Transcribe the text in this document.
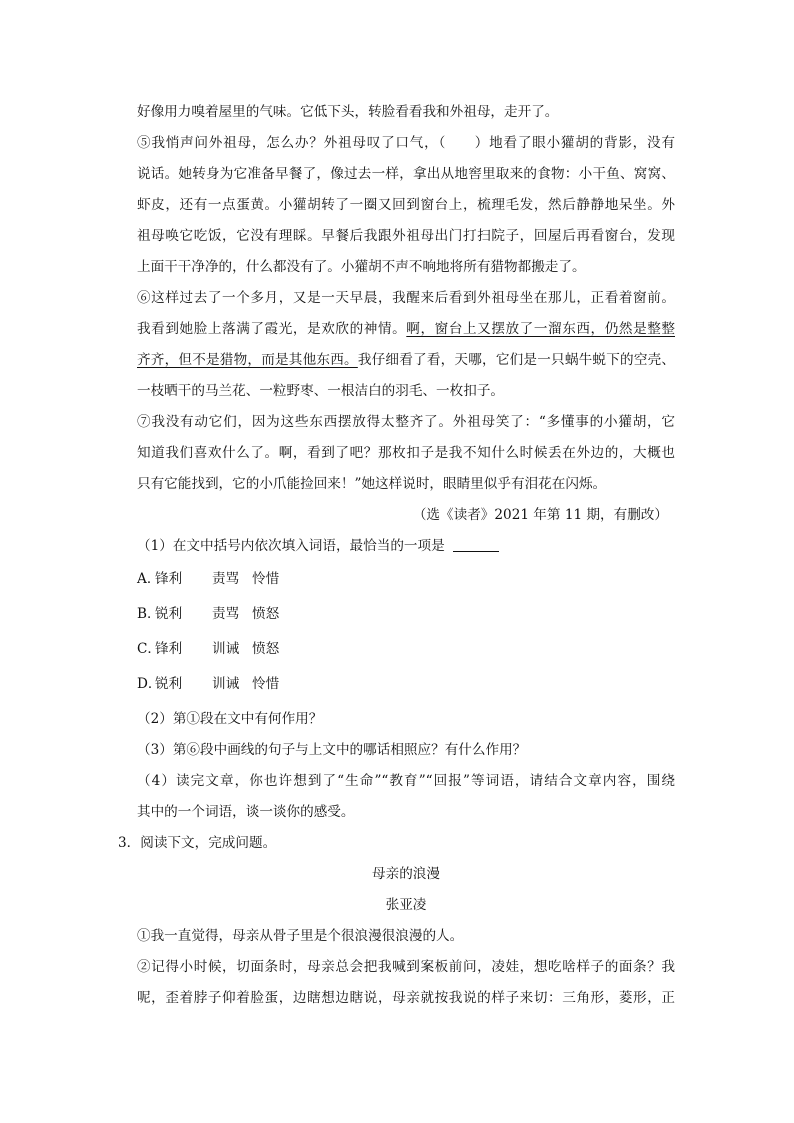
好像用力嗅着屋里的气味。它低下头，转脸看看我和外祖母，走开了。
⑤我悄声问外祖母，怎么办？外祖母叹了口气，（　　）地看了眼小獾胡的背影，没有
说话。她转身为它准备早餐了，像过去一样，拿出从地窖里取来的食物：小干鱼、窝窝、
虾皮，还有一点蛋黄。小獾胡转了一圈又回到窗台上，梳理毛发，然后静静地呆坐。外
祖母唤它吃饭，它没有理睬。早餐后我跟外祖母出门打扫院子，回屋后再看窗台，发现
上面干干净净的，什么都没有了。小獾胡不声不响地将所有猎物都搬走了。
⑥这样过去了一个多月，又是一天早晨，我醒来后看到外祖母坐在那儿，正看着窗前。
我看到她脸上落满了霞光，是欢欣的神情。啊，窗台上又摆放了一溜东西，仍然是整整
齐齐，但不是猎物，而是其他东西。我仔细看了看，天哪，它们是一只蜗牛蜕下的空壳、
一枝晒干的马兰花、一粒野枣、一根洁白的羽毛、一枚扣子。
⑦我没有动它们，因为这些东西摆放得太整齐了。外祖母笑了：“多懂事的小獾胡，它
知道我们喜欢什么了。啊，看到了吧？那枚扣子是我不知什么时候丢在外边的，大概也
只有它能找到，它的小爪能捡回来！”她这样说时，眼睛里似乎有泪花在闪烁。
（选《读者》2021 年第 11 期，有删改）
（1）在文中括号内依次填入词语，最恰当的一项是
A．锋利 责骂 怜惜
B．锐利 责骂 愤怒
C．锋利 训诫 愤怒
D．锐利 训诫 怜惜
（2）第①段在文中有何作用？
（3）第⑥段中画线的句子与上文中的哪话相照应？有什么作用？
（4）读完文章，你也许想到了“生命”“教育”“回报”等词语，请结合文章内容，围绕
其中的一个词语，谈一谈你的感受。
3．阅读下文，完成问题。
母亲的浪漫
张亚凌
①我一直觉得，母亲从骨子里是个很浪漫很浪漫的人。
②记得小时候，切面条时，母亲总会把我喊到案板前问，凌娃，想吃啥样子的面条？我
呢，歪着脖子仰着脸蛋，边瞎想边瞎说，母亲就按我说的样子来切：三角形，菱形，正
